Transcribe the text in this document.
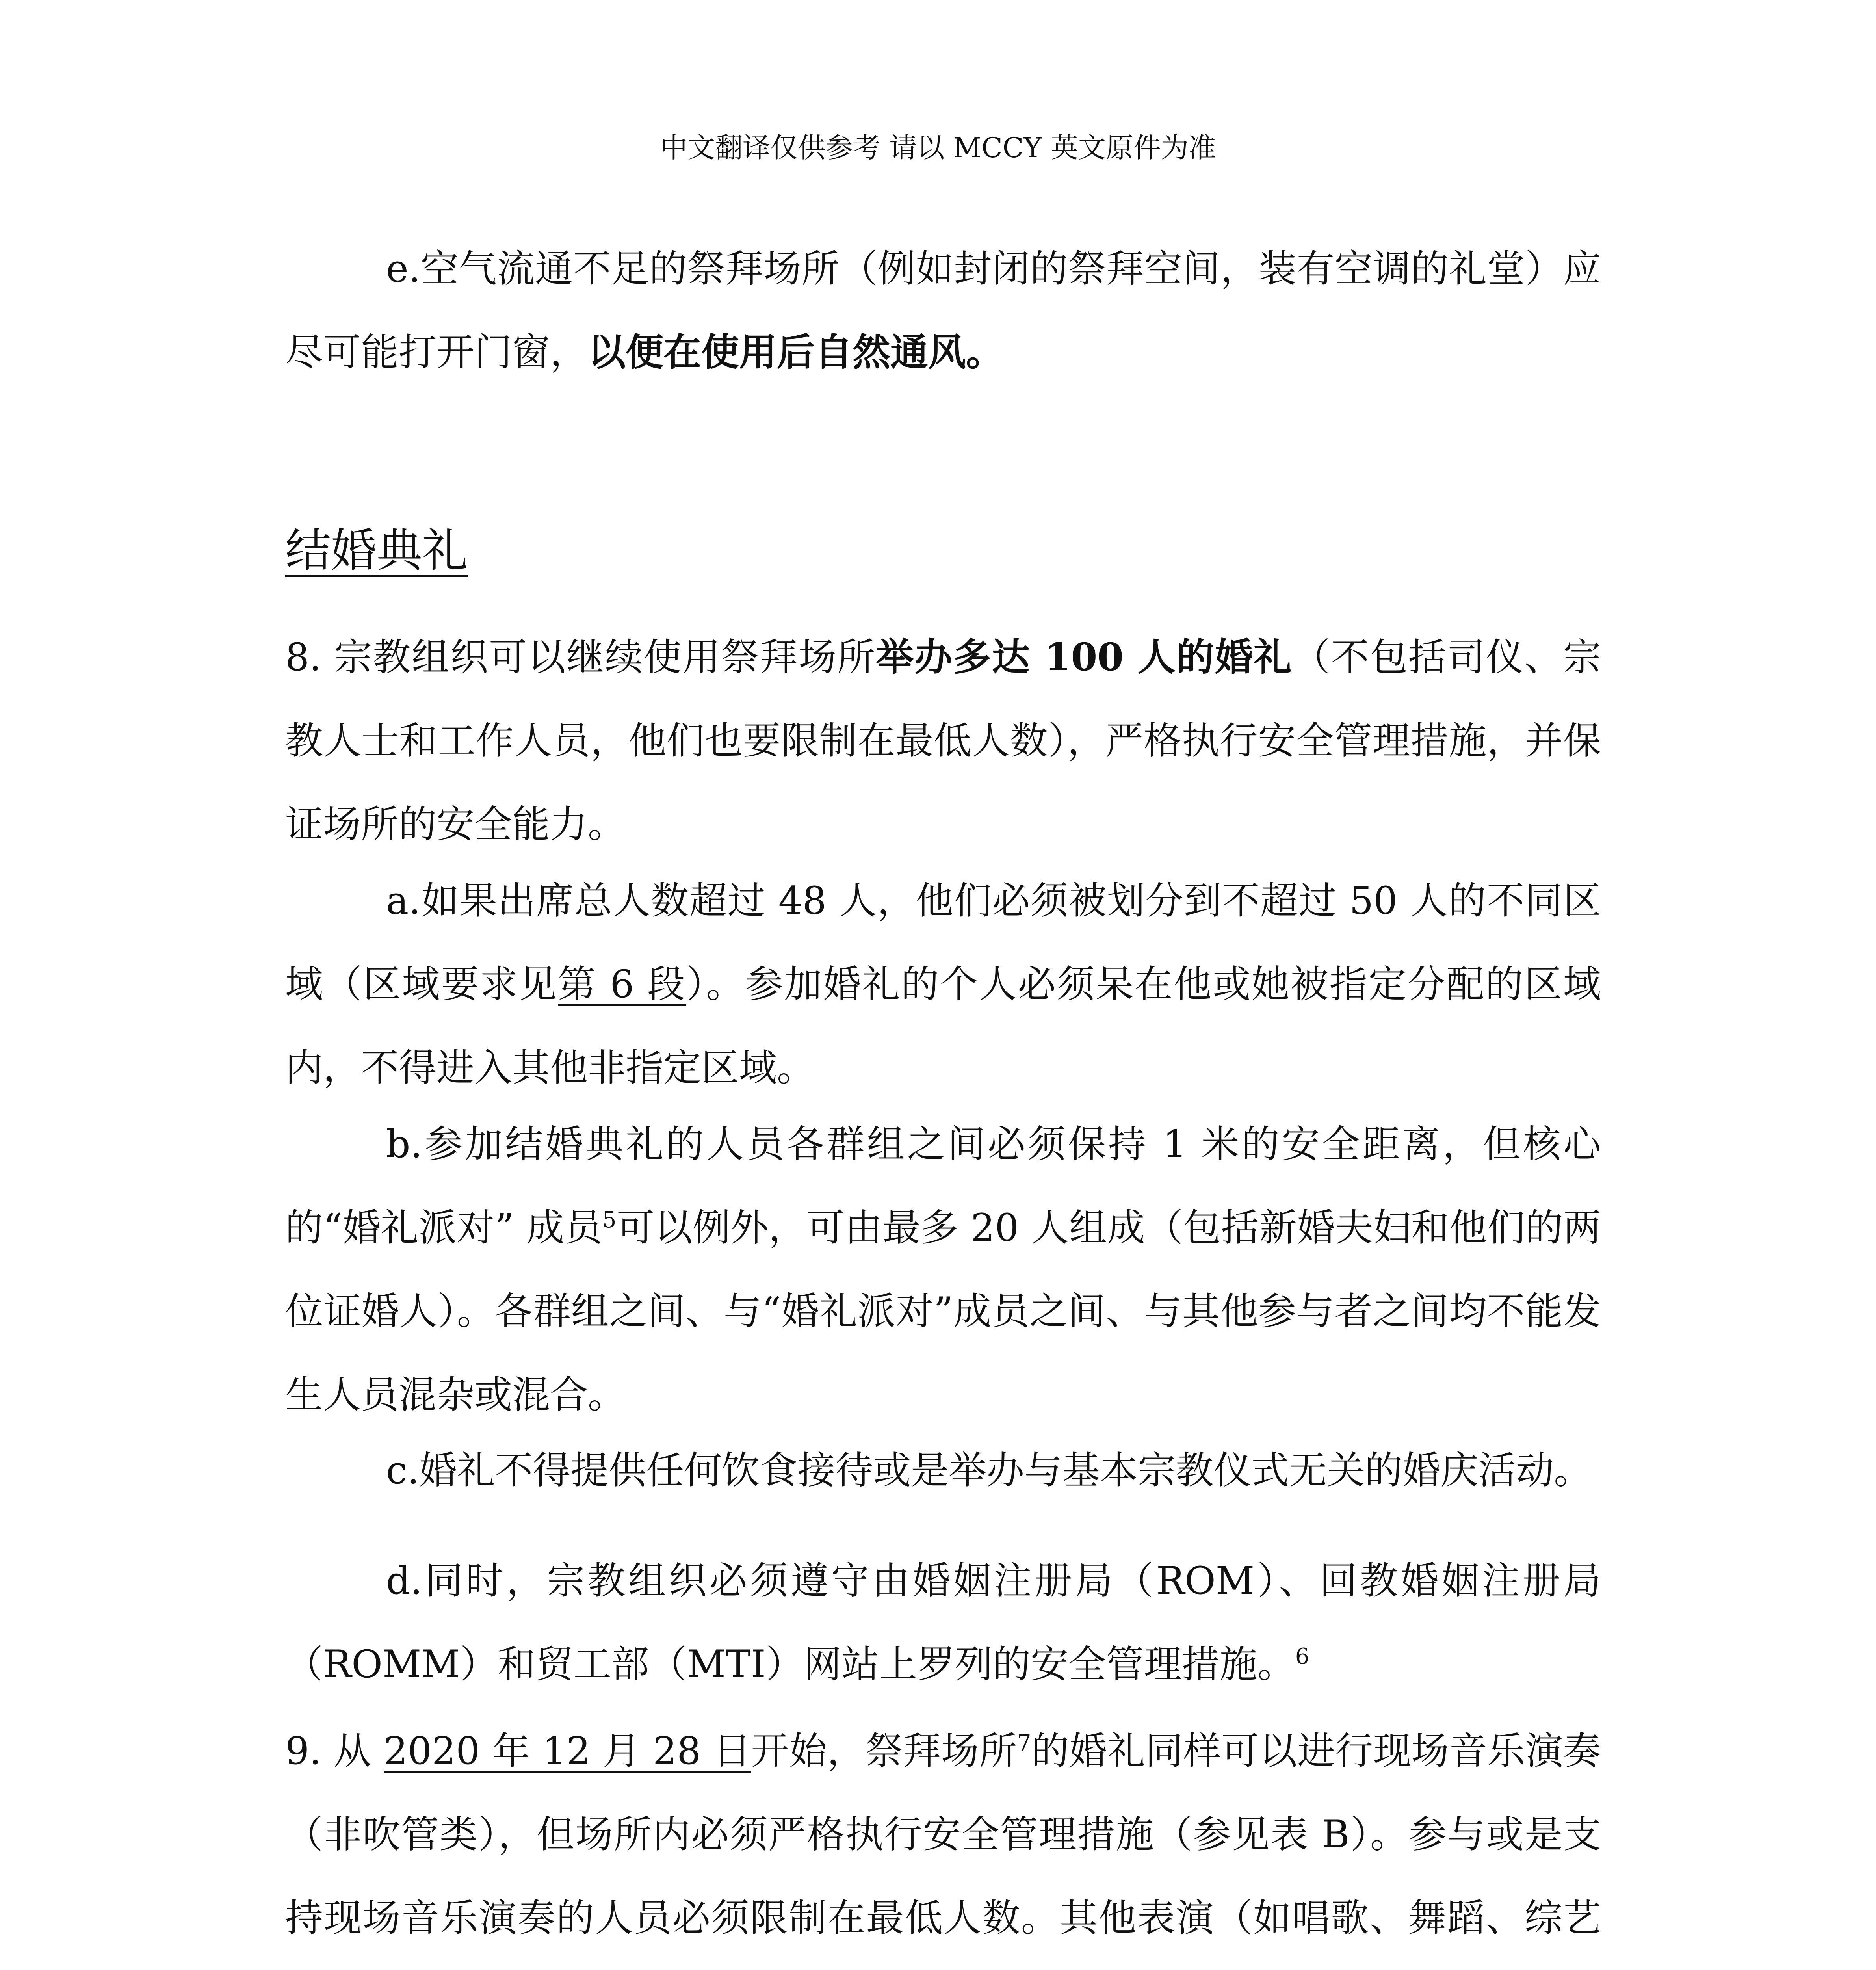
中文翻译仅供参考 请以 MCCY 英文原件为准

e.空气流通不足的祭拜场所（例如封闭的祭拜空间，装有空调的礼堂）应尽可能打开门窗，以便在使用后自然通风。

结婚典礼

8. 宗教组织可以继续使用祭拜场所举办多达 100 人的婚礼（不包括司仪、宗教人士和工作人员，他们也要限制在最低人数），严格执行安全管理措施，并保证场所的安全能力。

a.如果出席总人数超过 48 人，他们必须被划分到不超过 50 人的不同区域（区域要求见第 6 段）。参加婚礼的个人必须呆在他或她被指定分配的区域内，不得进入其他非指定区域。

b.参加结婚典礼的人员各群组之间必须保持 1 米的安全距离，但核心的“婚礼派对” 成员$^5$可以例外，可由最多 20 人组成（包括新婚夫妇和他们的两位证婚人）。各群组之间、与“婚礼派对”成员之间、与其他参与者之间均不能发生人员混杂或混合。

c.婚礼不得提供任何饮食接待或是举办与基本宗教仪式无关的婚庆活动。

d.同时，宗教组织必须遵守由婚姻注册局（ROM）、回教婚姻注册局（ROMM）和贸工部（MTI）网站上罗列的安全管理措施。$^6$

9. 从 2020 年 12 月 28 日开始，祭拜场所$^7$的婚礼同样可以进行现场音乐演奏（非吹管类），但场所内必须严格执行安全管理措施（参见表 B）。参与或是支持现场音乐演奏的人员必须限制在最低人数。其他表演（如唱歌、舞蹈、综艺
